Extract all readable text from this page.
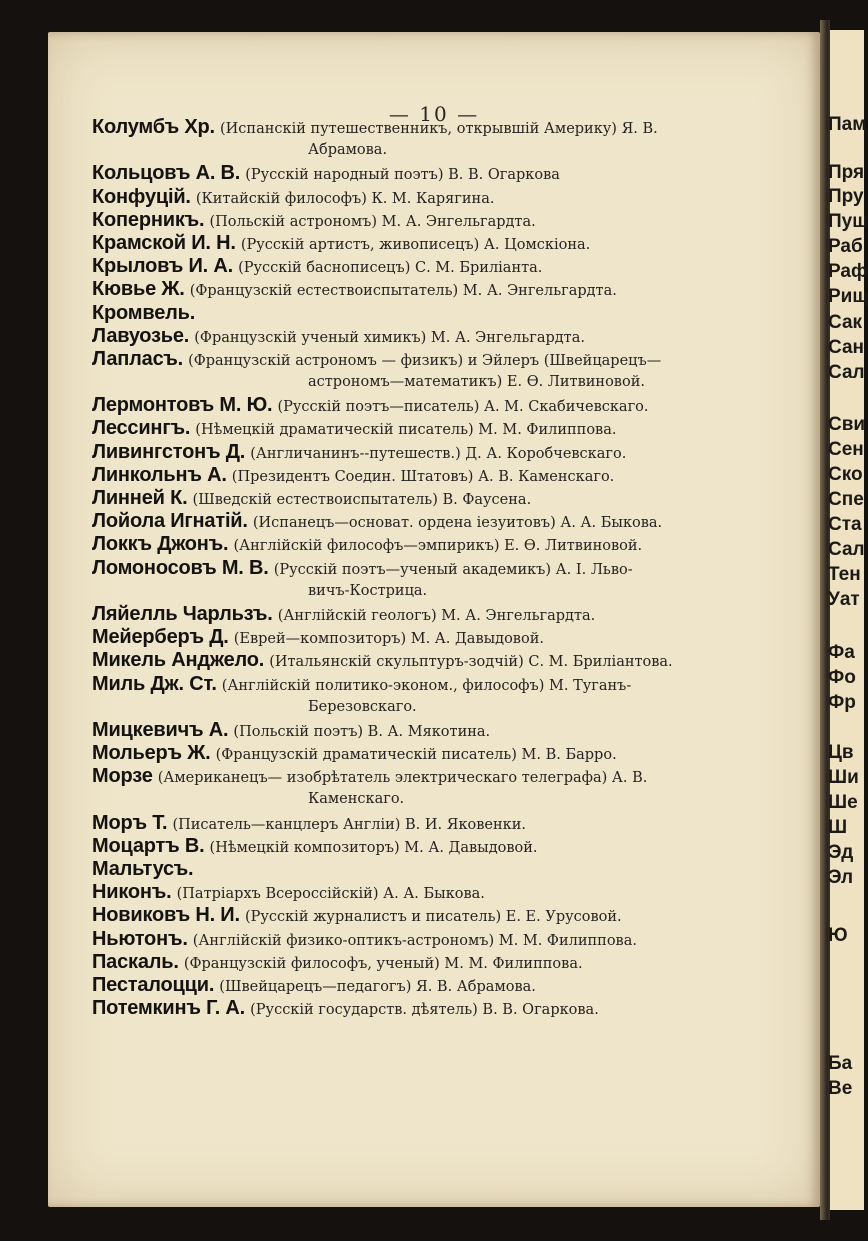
Пам
Пря
Пру
Пуш
Раб
Раф
Рищ
Сак
Сан
Сал
Сви
Сен
Ско
Спе
Ста
Сал
Тен
Уат
Фа
Фо
Фр
Цв
Ши
Ше
Ш
Эд
Эл
Ю
Ба
Ве
— 10 —
Колумбъ Хр. (Испанскій путешественникъ, открывшій Америку) Я. В.
Абрамова.
Кольцовъ А. В. (Русскій народный поэтъ) В. В. Огаркова
Конфуцій. (Китайскій философъ) К. М. Карягина.
Коперникъ. (Польскій астрономъ) М. А. Энгельгардта.
Крамской И. Н. (Русскій артистъ, живописецъ) А. Цомскіона.
Крыловъ И. А. (Русскій баснописецъ) С. М. Бриліанта.
Кювье Ж. (Французскій естествоиспытатель) М. А. Энгельгардта.
Кромвель.
Лавуозье. (Французскій ученый химикъ) М. А. Энгельгардта.
Лапласъ. (Французскій астрономъ — физикъ) и Эйлеръ (Швейцарецъ—
астрономъ—математикъ) Е. Ѳ. Литвиновой.
Лермонтовъ М. Ю. (Русскій поэтъ—писатель) А. М. Скабичевскаго.
Лессингъ. (Нѣмецкій драматическій писатель) М. М. Филиппова.
Ливингстонъ Д. (Англичанинъ--путешеств.) Д. А. Коробчевскаго.
Линкольнъ А. (Президентъ Соедин. Штатовъ) А. В. Каменскаго.
Линней К. (Шведскій естествоиспытатель) В. Фаусена.
Лойола Игнатій. (Испанецъ—основат. ордена іезуитовъ) А. А. Быкова.
Локкъ Джонъ. (Англійскій философъ—эмпирикъ) Е. Ѳ. Литвиновой.
Ломоносовъ М. В. (Русскій поэтъ—ученый академикъ) А. І. Льво-
вичъ-Кострица.
Ляйелль Чарльзъ. (Англійскій геологъ) М. А. Энгельгардта.
Мейерберъ Д. (Еврей—композиторъ) М. А. Давыдовой.
Микель Анджело. (Итальянскій скульптуръ-зодчій) С. М. Бриліантова.
Миль Дж. Ст. (Англійскій политико-эконом., философъ) М. Туганъ-
Березовскаго.
Мицкевичъ А. (Польскій поэтъ) В. А. Мякотина.
Мольеръ Ж. (Французскій драматическій писатель) М. В. Барро.
Морзе (Американецъ— изобрѣтатель электрическаго телеграфа) А. В.
Каменскаго.
Моръ Т. (Писатель—канцлеръ Англіи) В. И. Яковенки.
Моцартъ В. (Нѣмецкій композиторъ) М. А. Давыдовой.
Мальтусъ.
Никонъ. (Патріархъ Всероссійскій) А. А. Быкова.
Новиковъ Н. И. (Русскій журналистъ и писатель) Е. Е. Урусовой.
Ньютонъ. (Англійскій физико-оптикъ-астрономъ) М. М. Филиппова.
Паскаль. (Французскій философъ, ученый) М. М. Филиппова.
Песталоцци. (Швейцарецъ—педагогъ) Я. В. Абрамова.
Потемкинъ Г. А. (Русскій государств. дѣятель) В. В. Огаркова.
